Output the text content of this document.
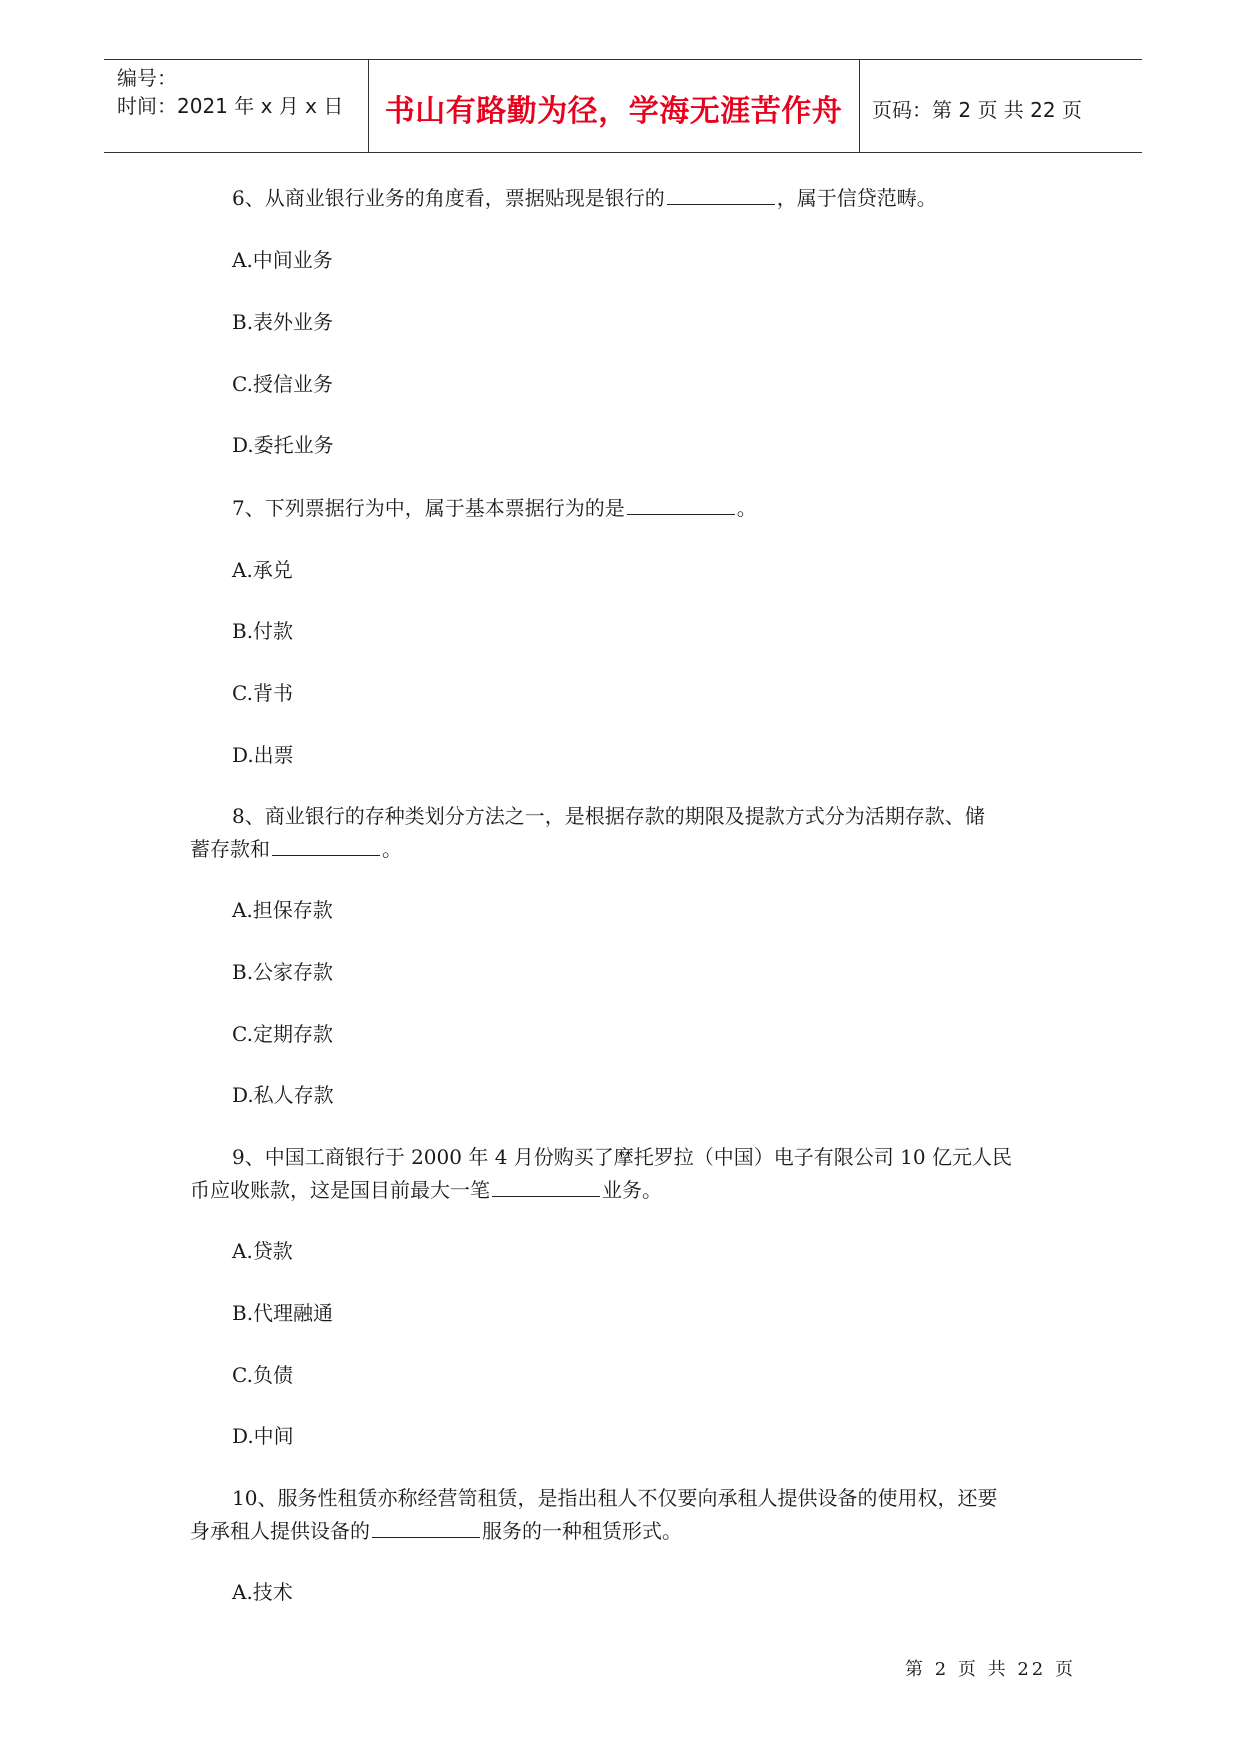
编号：
时间：2021 年 x 月 x 日	书山有路勤为径，学海无涯苦作舟	页码：第 2 页 共 22 页
6、从商业银行业务的角度看，票据贴现是银行的	，属于信贷范畴。
A.中间业务
B.表外业务
C.授信业务
D.委托业务
7、下列票据行为中，属于基本票据行为的是	。
A.承兑
B.付款
C.背书
D.出票
8、商业银行的存种类划分方法之一，是根据存款的期限及提款方式分为活期存款、储
蓄存款和	。
A.担保存款
B.公家存款
C.定期存款
D.私人存款
9、中国工商银行于 2000 年 4 月份购买了摩托罗拉（中国）电子有限公司 10 亿元人民
币应收账款，这是国目前最大一笔	业务。
A.贷款
B.代理融通
C.负债
D.中间
10、服务性租赁亦称经营笥租赁，是指出租人不仅要向承租人提供设备的使用权，还要
身承租人提供设备的	服务的一种租赁形式。
A.技术
第 2 页 共 22 页
